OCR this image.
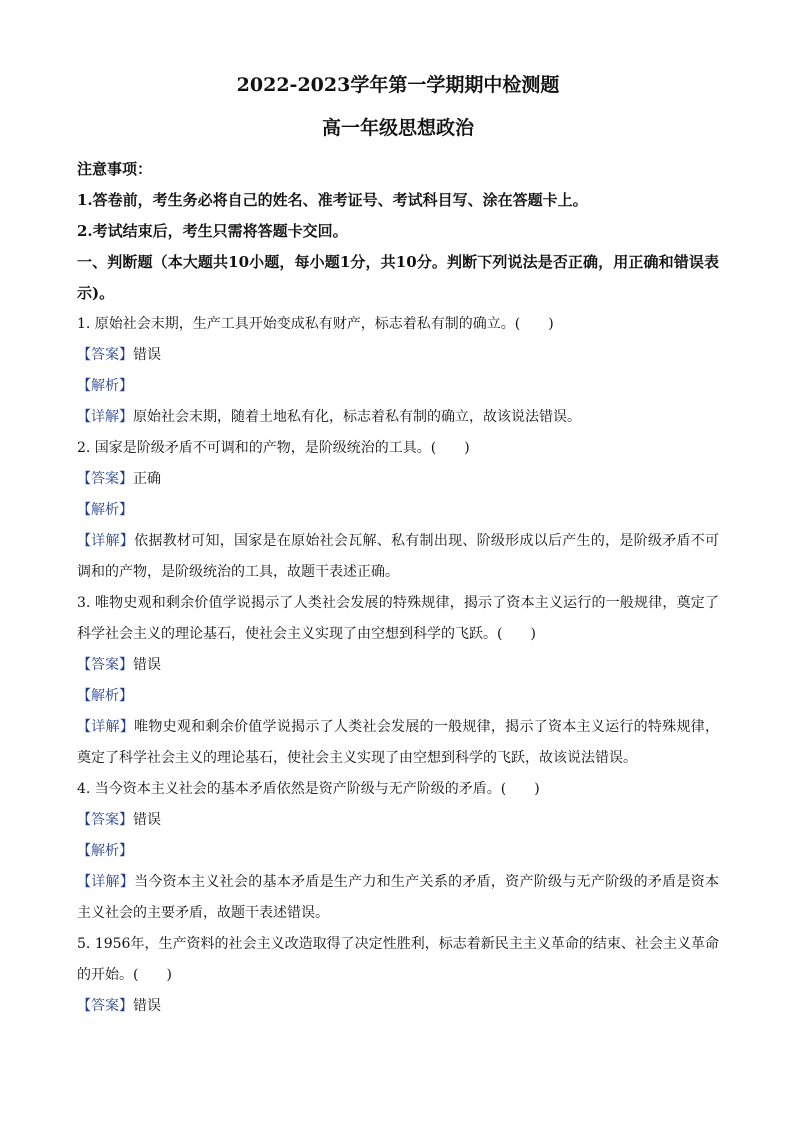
2022-2023学年第一学期期中检测题
高一年级思想政治
注意事项：
1.答卷前，考生务必将自己的姓名、准考证号、考试科目写、涂在答题卡上。
2.考试结束后，考生只需将答题卡交回。
一、判断题（本大题共10小题，每小题1分，共10分。判断下列说法是否正确，用正确和错误表示)。
1. 原始社会末期，生产工具开始变成私有财产，标志着私有制的确立。(　　)
【答案】错误
【解析】
【详解】原始社会末期，随着土地私有化，标志着私有制的确立，故该说法错误。
2. 国家是阶级矛盾不可调和的产物，是阶级统治的工具。(　　)
【答案】正确
【解析】
【详解】依据教材可知，国家是在原始社会瓦解、私有制出现、阶级形成以后产生的，是阶级矛盾不可调和的产物，是阶级统治的工具，故题干表述正确。
3. 唯物史观和剩余价值学说揭示了人类社会发展的特殊规律，揭示了资本主义运行的一般规律，奠定了科学社会主义的理论基石，使社会主义实现了由空想到科学的飞跃。(　　)
【答案】错误
【解析】
【详解】唯物史观和剩余价值学说揭示了人类社会发展的一般规律，揭示了资本主义运行的特殊规律，奠定了科学社会主义的理论基石，使社会主义实现了由空想到科学的飞跃，故该说法错误。
4. 当今资本主义社会的基本矛盾依然是资产阶级与无产阶级的矛盾。(　　)
【答案】错误
【解析】
【详解】当今资本主义社会的基本矛盾是生产力和生产关系的矛盾，资产阶级与无产阶级的矛盾是资本主义社会的主要矛盾，故题干表述错误。
5. 1956年，生产资料的社会主义改造取得了决定性胜利，标志着新民主主义革命的结束、社会主义革命的开始。(　　)
【答案】错误
